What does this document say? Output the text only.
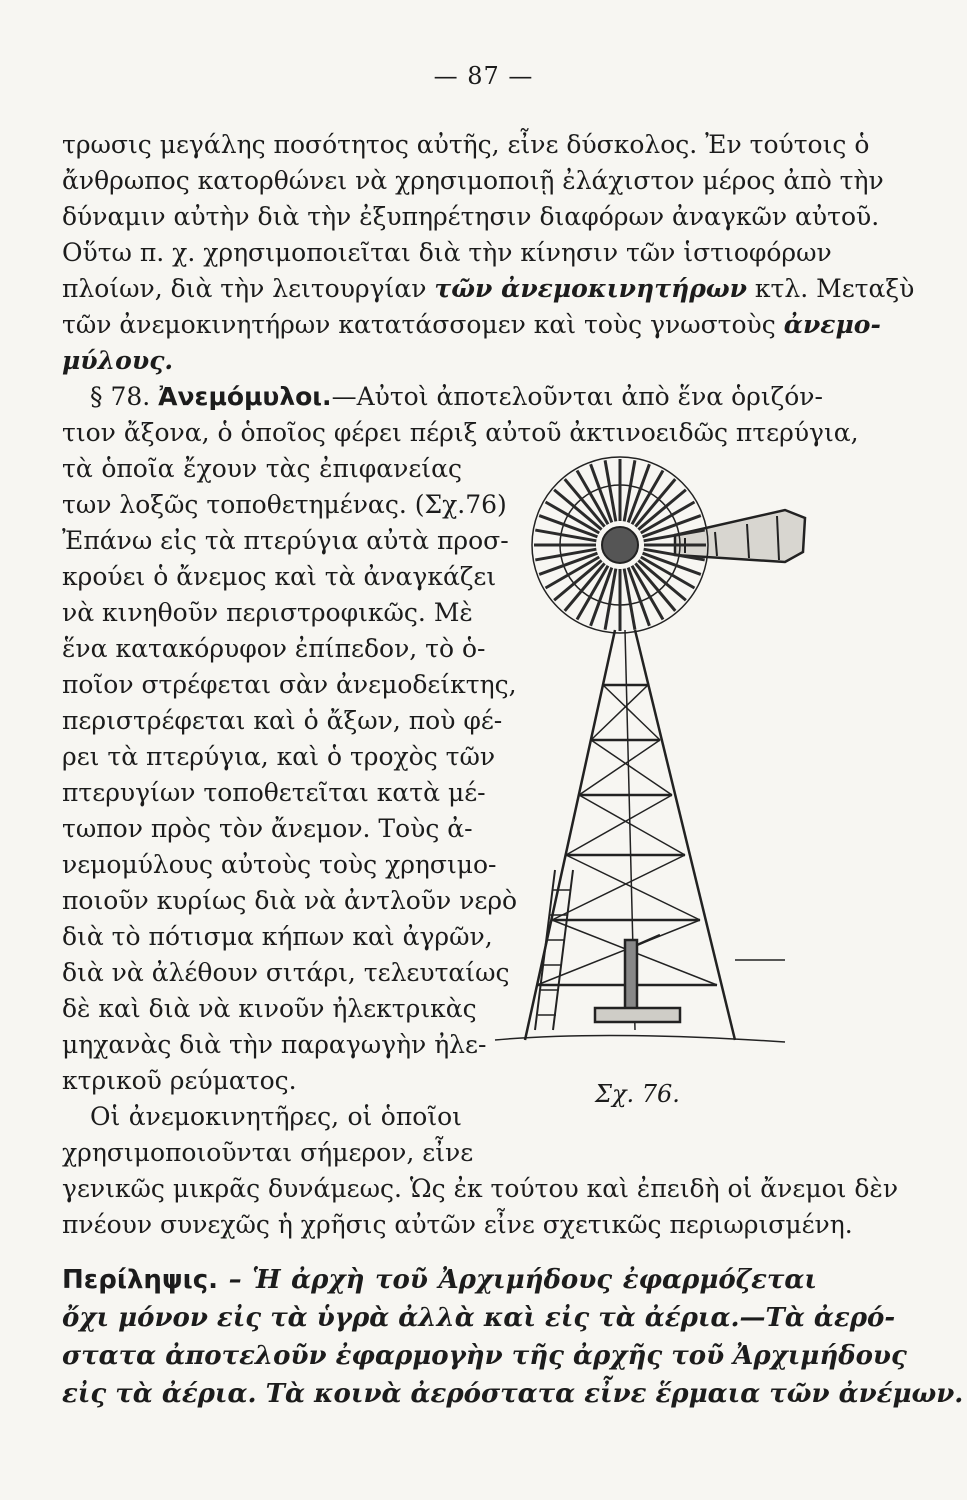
— 87 —
τρωσις μεγάλης ποσότητος αὐτῆς, εἶνε δύσκολος. Ἐν τούτοις ὁ
ἄνθρωπος κατορθώνει νὰ χρησιμοποιῇ ἐλάχιστον μέρος ἀπὸ τὴν
δύναμιν αὐτὴν διὰ τὴν ἐξυπηρέτησιν διαφόρων ἀναγκῶν αὐτοῦ.
Οὕτω π. χ. χρησιμοποιεῖται διὰ τὴν κίνησιν τῶν ἱστιοφόρων
πλοίων, διὰ τὴν λειτουργίαν τῶν ἀνεμοκινητήρων κτλ. Μεταξὺ
τῶν ἀνεμοκινητήρων κατατάσσομεν καὶ τοὺς γνωστοὺς ἀνεμο-
μύλους.
§ 78. Ἀνεμόμυλοι.—Αὐτοὶ ἀποτελοῦνται ἀπὸ ἕνα ὁριζόν-
τιον ἄξονα, ὁ ὁποῖος φέρει πέριξ αὐτοῦ ἀκτινοειδῶς πτερύγια,
τὰ ὁποῖα ἔχουν τὰς ἐπιφανείας
των λοξῶς τοποθετημένας. (Σχ.76)
Ἐπάνω εἰς τὰ πτερύγια αὐτὰ προσ-
κρούει ὁ ἄνεμος καὶ τὰ ἀναγκάζει
νὰ κινηθοῦν περιστροφικῶς. Μὲ
ἕνα κατακόρυφον ἐπίπεδον, τὸ ὁ-
ποῖον στρέφεται σὰν ἀνεμοδείκτης,
περιστρέφεται καὶ ὁ ἄξων, ποὺ φέ-
ρει τὰ πτερύγια, καὶ ὁ τροχὸς τῶν
πτερυγίων τοποθετεῖται κατὰ μέ-
τωπον πρὸς τὸν ἄνεμον. Τοὺς ἀ-
νεμομύλους αὐτοὺς τοὺς χρησιμο-
ποιοῦν κυρίως διὰ νὰ ἀντλοῦν νερὸ
διὰ τὸ πότισμα κήπων καὶ ἀγρῶν,
διὰ νὰ ἀλέθουν σιτάρι, τελευταίως
δὲ καὶ διὰ νὰ κινοῦν ἠλεκτρικὰς
μηχανὰς διὰ τὴν παραγωγὴν ἠλε-
κτρικοῦ ρεύματος.
Οἱ ἀνεμοκινητῆρες, οἱ ὁποῖοι
χρησιμοποιοῦνται σήμερον, εἶνε
γενικῶς μικρᾶς δυνάμεως. Ὡς ἐκ τούτου καὶ ἐπειδὴ οἱ ἄνεμοι δὲν
πνέουν συνεχῶς ἡ χρῆσις αὐτῶν εἶνε σχετικῶς περιωρισμένη.
Σχ. 76.
Περίληψις. – Ἡ ἀρχὴ τοῦ Ἀρχιμήδους ἐφαρμόζεται
ὄχι μόνον εἰς τὰ ὑγρὰ ἀλλὰ καὶ εἰς τὰ ἀέρια.—Τὰ ἀερό-
στατα ἀποτελοῦν ἐφαρμογὴν τῆς ἀρχῆς τοῦ Ἀρχιμήδους
εἰς τὰ ἀέρια. Τὰ κοινὰ ἀερόστατα εἶνε ἕρμαια τῶν ἀνέμων.
